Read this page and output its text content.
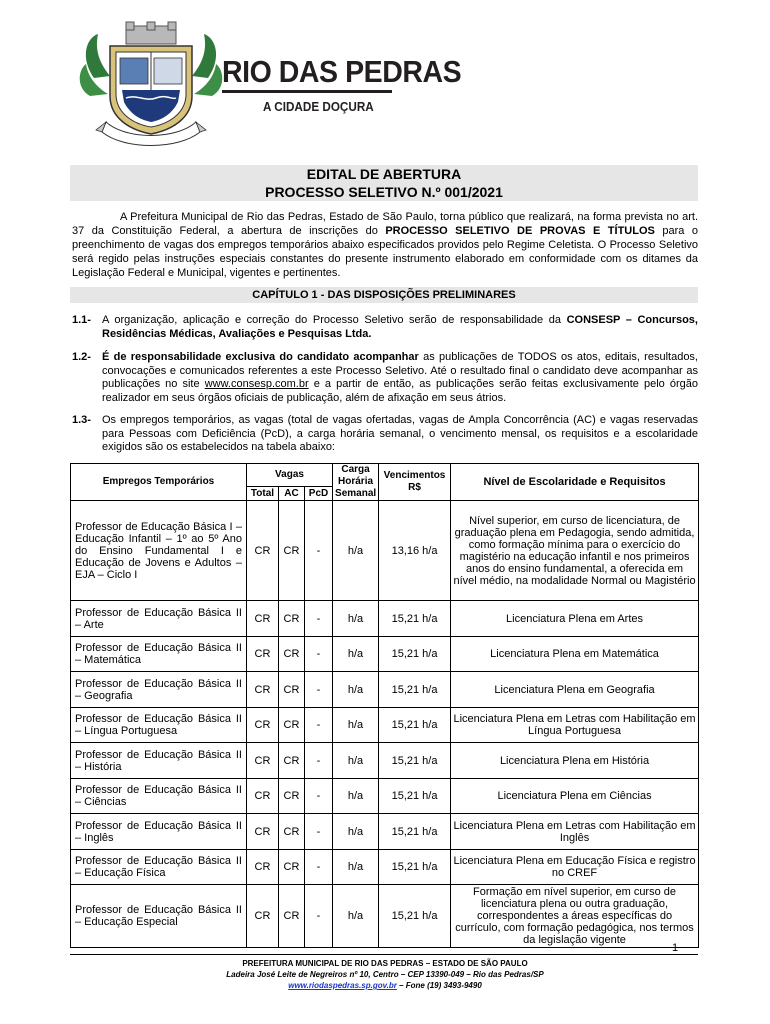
RIO DAS PEDRAS
A CIDADE DOÇURA
EDITAL DE ABERTURA
PROCESSO SELETIVO N.º 001/2021

A Prefeitura Municipal de Rio das Pedras, Estado de São Paulo, torna público que realizará, na forma prevista no art. 37 da Constituição Federal, a abertura de inscrições do PROCESSO SELETIVO DE PROVAS E TÍTULOS para o preenchimento de vagas dos empregos temporários abaixo especificados providos pelo Regime Celetista. O Processo Seletivo será regido pelas instruções especiais constantes do presente instrumento elaborado em conformidade com os ditames da Legislação Federal e Municipal, vigentes e pertinentes.

CAPÍTULO 1 - DAS DISPOSIÇÕES PRELIMINARES
1.1- A organização, aplicação e correção do Processo Seletivo serão de responsabilidade da CONSESP – Concursos, Residências Médicas, Avaliações e Pesquisas Ltda.
1.2- É de responsabilidade exclusiva do candidato acompanhar as publicações de TODOS os atos, editais, resultados, convocações e comunicados referentes a este Processo Seletivo. Até o resultado final o candidato deve acompanhar as publicações no site www.consesp.com.br e a partir de então, as publicações serão feitas exclusivamente pelo órgão realizador em seus órgãos oficiais de publicação, além de afixação em seus átrios.
1.3- Os empregos temporários, as vagas (total de vagas ofertadas, vagas de Ampla Concorrência (AC) e vagas reservadas para Pessoas com Deficiência (PcD), a carga horária semanal, o vencimento mensal, os requisitos e a escolaridade exigidos são os estabelecidos na tabela abaixo:
Empregos Temporários	Vagas			Carga Horária Semanal	Vencimentos R$	Nível de Escolaridade e Requisitos
	Total	AC	PcD			
Professor de Educação Básica I – Educação Infantil – 1º ao 5º Ano do Ensino Fundamental I e Educação de Jovens e Adultos – EJA – Ciclo I	CR	CR	-	h/a	13,16 h/a	Nível superior, em curso de licenciatura, de graduação plena em Pedagogia, sendo admitida, como formação mínima para o exercício do magistério na educação infantil e nos primeiros anos do ensino fundamental, a oferecida em nível médio, na modalidade Normal ou Magistério
Professor de Educação Básica II – Arte	CR	CR	-	h/a	15,21 h/a	Licenciatura Plena em Artes
Professor de Educação Básica II – Matemática	CR	CR	-	h/a	15,21 h/a	Licenciatura Plena em Matemática
Professor de Educação Básica II – Geografia	CR	CR	-	h/a	15,21 h/a	Licenciatura Plena em Geografia
Professor de Educação Básica II – Língua Portuguesa	CR	CR	-	h/a	15,21 h/a	Licenciatura Plena em Letras com Habilitação em Língua Portuguesa
Professor de Educação Básica II – História	CR	CR	-	h/a	15,21 h/a	Licenciatura Plena em História
Professor de Educação Básica II – Ciências	CR	CR	-	h/a	15,21 h/a	Licenciatura Plena em Ciências
Professor de Educação Básica II – Inglês	CR	CR	-	h/a	15,21 h/a	Licenciatura Plena em Letras com Habilitação em Inglês
Professor de Educação Básica II – Educação Física	CR	CR	-	h/a	15,21 h/a	Licenciatura Plena em Educação Física e registro no CREF
Professor de Educação Básica II – Educação Especial	CR	CR	-	h/a	15,21 h/a	Formação em nível superior, em curso de licenciatura plena ou outra graduação, correspondentes a áreas específicas do currículo, com formação pedagógica, nos termos da legislação vigente
1
PREFEITURA MUNICIPAL DE RIO DAS PEDRAS – ESTADO DE SÃO PAULO
Ladeira José Leite de Negreiros nº 10, Centro – CEP 13390-049 – Rio das Pedras/SP
www.riodaspedras.sp.gov.br – Fone (19) 3493-9490
